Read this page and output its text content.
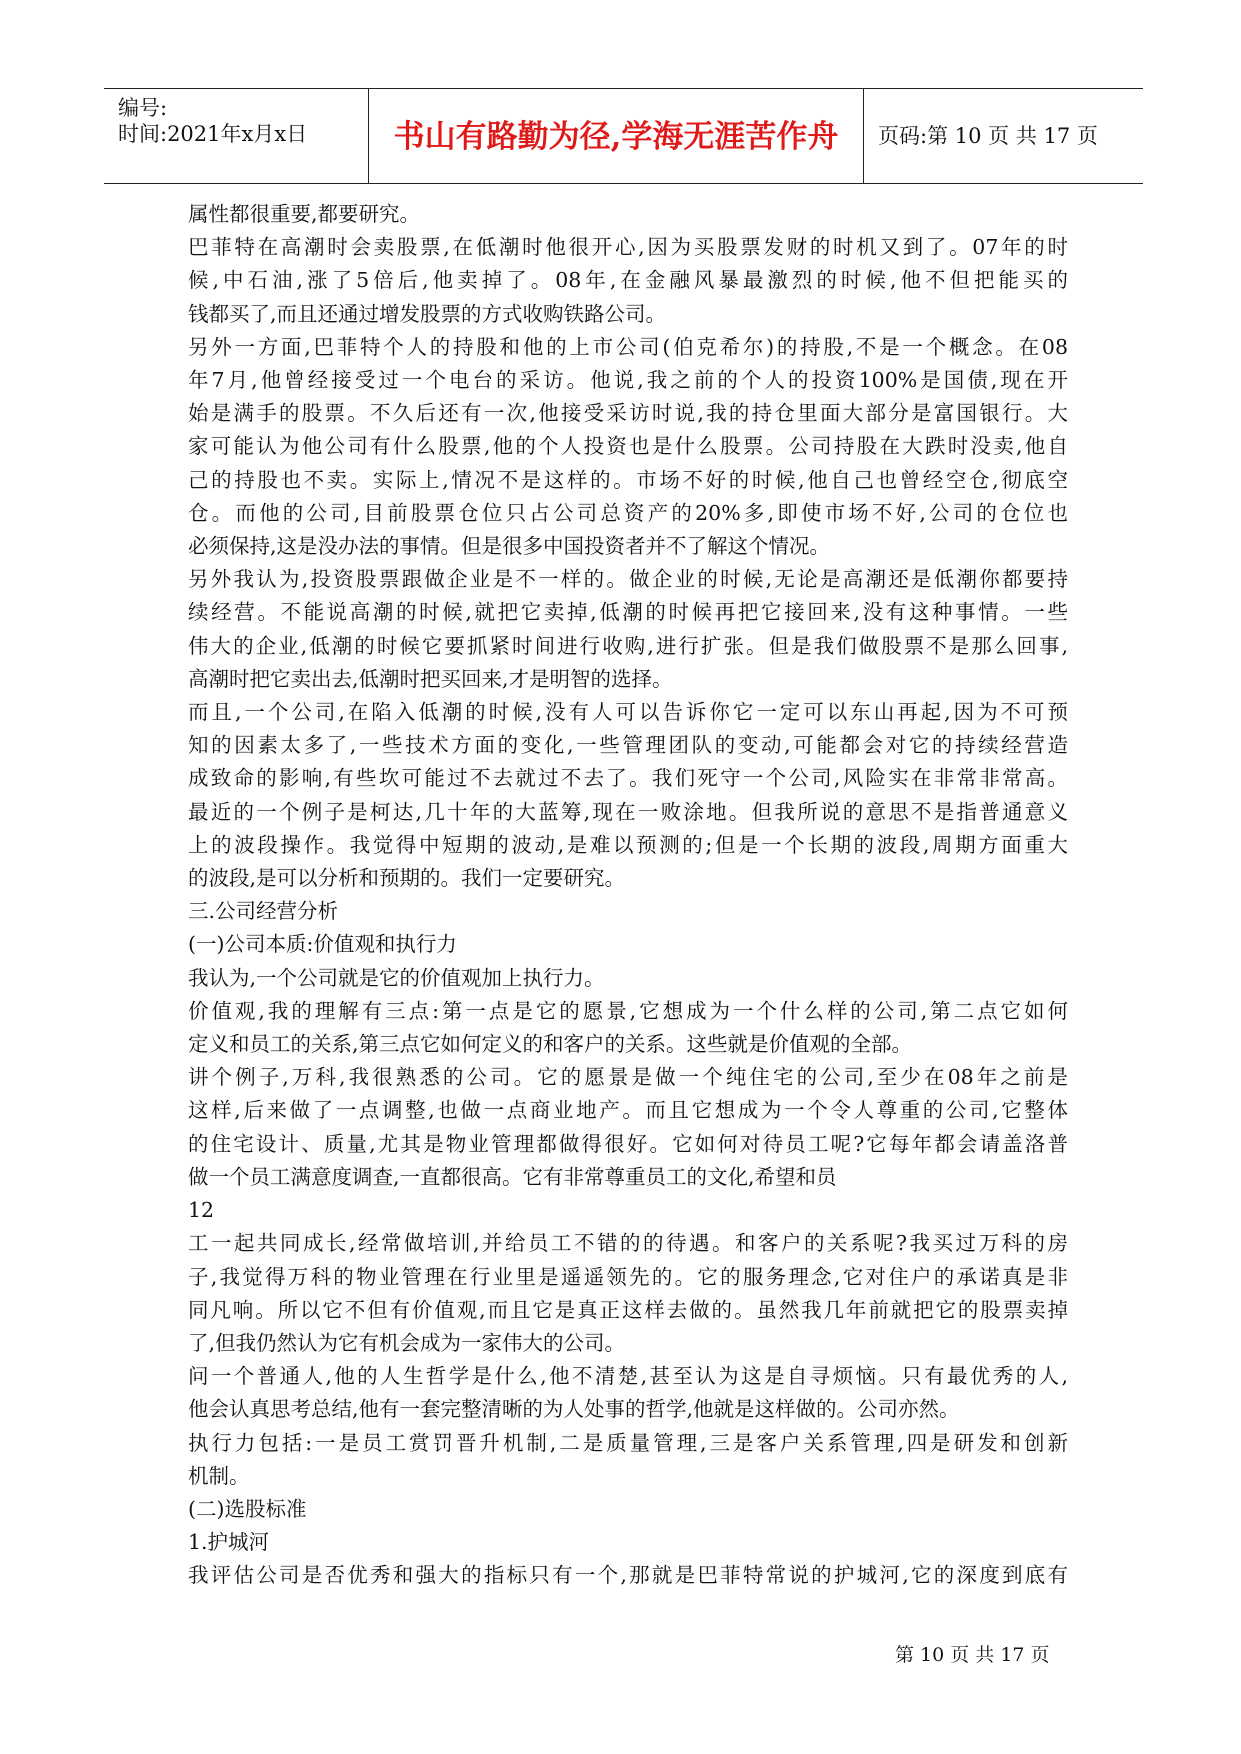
编号:
时间:2021年x月x日	书山有路勤为径,学海无涯苦作舟	页码:第 10 页 共 17 页

属性都很重要,都要研究。

巴菲特在高潮时会卖股票,在低潮时他很开心,因为买股票发财的时机又到了。07年的时

候,中石油,涨了5倍后,他卖掉了。08年,在金融风暴最激烈的时候,他不但把能买的

钱都买了,而且还通过增发股票的方式收购铁路公司。

另外一方面,巴菲特个人的持股和他的上市公司(伯克希尔)的持股,不是一个概念。在08

年7月,他曾经接受过一个电台的采访。他说,我之前的个人的投资100%是国债,现在开

始是满手的股票。不久后还有一次,他接受采访时说,我的持仓里面大部分是富国银行。大

家可能认为他公司有什么股票,他的个人投资也是什么股票。公司持股在大跌时没卖,他自

己的持股也不卖。实际上,情况不是这样的。市场不好的时候,他自己也曾经空仓,彻底空

仓。而他的公司,目前股票仓位只占公司总资产的20%多,即使市场不好,公司的仓位也

必须保持,这是没办法的事情。但是很多中国投资者并不了解这个情况。

另外我认为,投资股票跟做企业是不一样的。做企业的时候,无论是高潮还是低潮你都要持

续经营。不能说高潮的时候,就把它卖掉,低潮的时候再把它接回来,没有这种事情。一些

伟大的企业,低潮的时候它要抓紧时间进行收购,进行扩张。但是我们做股票不是那么回事,

高潮时把它卖出去,低潮时把买回来,才是明智的选择。

而且,一个公司,在陷入低潮的时候,没有人可以告诉你它一定可以东山再起,因为不可预

知的因素太多了,一些技术方面的变化,一些管理团队的变动,可能都会对它的持续经营造

成致命的影响,有些坎可能过不去就过不去了。我们死守一个公司,风险实在非常非常高。

最近的一个例子是柯达,几十年的大蓝筹,现在一败涂地。但我所说的意思不是指普通意义

上的波段操作。我觉得中短期的波动,是难以预测的;但是一个长期的波段,周期方面重大

的波段,是可以分析和预期的。我们一定要研究。

三.公司经营分析

(一)公司本质:价值观和执行力

我认为,一个公司就是它的价值观加上执行力。

价值观,我的理解有三点:第一点是它的愿景,它想成为一个什么样的公司,第二点它如何

定义和员工的关系,第三点它如何定义的和客户的关系。这些就是价值观的全部。

讲个例子,万科,我很熟悉的公司。它的愿景是做一个纯住宅的公司,至少在08年之前是

这样,后来做了一点调整,也做一点商业地产。而且它想成为一个令人尊重的公司,它整体

的住宅设计、质量,尤其是物业管理都做得很好。它如何对待员工呢?它每年都会请盖洛普

做一个员工满意度调查,一直都很高。它有非常尊重员工的文化,希望和员

12

工一起共同成长,经常做培训,并给员工不错的的待遇。和客户的关系呢?我买过万科的房

子,我觉得万科的物业管理在行业里是遥遥领先的。它的服务理念,它对住户的承诺真是非

同凡响。所以它不但有价值观,而且它是真正这样去做的。虽然我几年前就把它的股票卖掉

了,但我仍然认为它有机会成为一家伟大的公司。

问一个普通人,他的人生哲学是什么,他不清楚,甚至认为这是自寻烦恼。只有最优秀的人,

他会认真思考总结,他有一套完整清晰的为人处事的哲学,他就是这样做的。公司亦然。

执行力包括:一是员工赏罚晋升机制,二是质量管理,三是客户关系管理,四是研发和创新

机制。

(二)选股标准

1.护城河

我评估公司是否优秀和强大的指标只有一个,那就是巴菲特常说的护城河,它的深度到底有

第 10 页 共 17 页
